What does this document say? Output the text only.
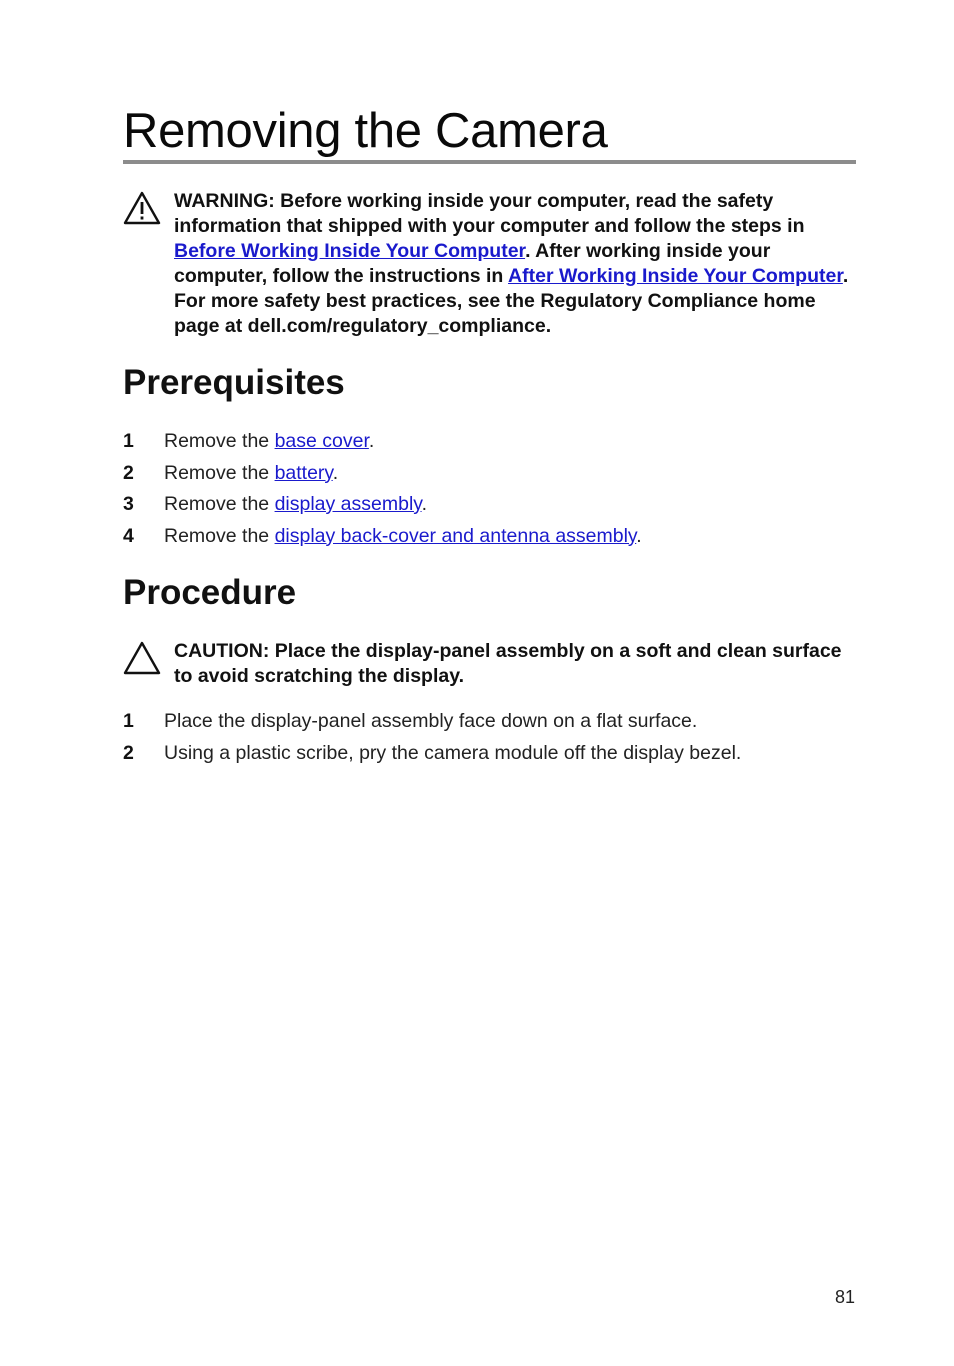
Removing the Camera
WARNING: Before working inside your computer, read the safety information that shipped with your computer and follow the steps in Before Working Inside Your Computer. After working inside your computer, follow the instructions in After Working Inside Your Computer. For more safety best practices, see the Regulatory Compliance home page at dell.com/regulatory_compliance.
Prerequisites
1 Remove the base cover.
2 Remove the battery.
3 Remove the display assembly.
4 Remove the display back-cover and antenna assembly.
Procedure
CAUTION: Place the display-panel assembly on a soft and clean surface to avoid scratching the display.
1 Place the display-panel assembly face down on a flat surface.
2 Using a plastic scribe, pry the camera module off the display bezel.
81
